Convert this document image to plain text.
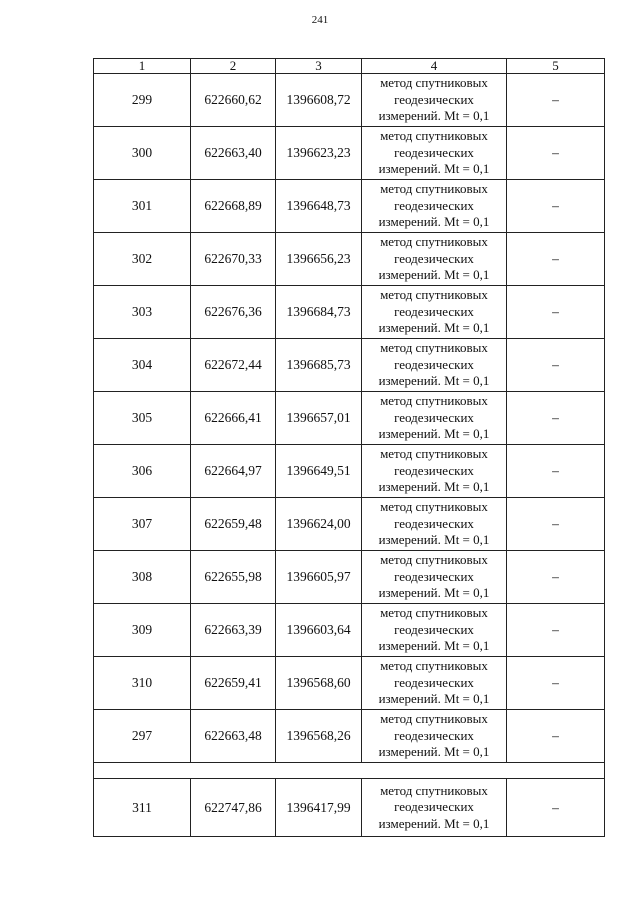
241
1	2	3	4	5
299	622660,62	1396608,72	метод спутниковых
геодезических
измерений. Mt = 0,1	–
300	622663,40	1396623,23	метод спутниковых
геодезических
измерений. Mt = 0,1	–
301	622668,89	1396648,73	метод спутниковых
геодезических
измерений. Mt = 0,1	–
302	622670,33	1396656,23	метод спутниковых
геодезических
измерений. Mt = 0,1	–
303	622676,36	1396684,73	метод спутниковых
геодезических
измерений. Mt = 0,1	–
304	622672,44	1396685,73	метод спутниковых
геодезических
измерений. Mt = 0,1	–
305	622666,41	1396657,01	метод спутниковых
геодезических
измерений. Mt = 0,1	–
306	622664,97	1396649,51	метод спутниковых
геодезических
измерений. Mt = 0,1	–
307	622659,48	1396624,00	метод спутниковых
геодезических
измерений. Mt = 0,1	–
308	622655,98	1396605,97	метод спутниковых
геодезических
измерений. Mt = 0,1	–
309	622663,39	1396603,64	метод спутниковых
геодезических
измерений. Mt = 0,1	–
310	622659,41	1396568,60	метод спутниковых
геодезических
измерений. Mt = 0,1	–
297	622663,48	1396568,26	метод спутниковых
геодезических
измерений. Mt = 0,1	–

311	622747,86	1396417,99	метод спутниковых
геодезических
измерений. Mt = 0,1	–
